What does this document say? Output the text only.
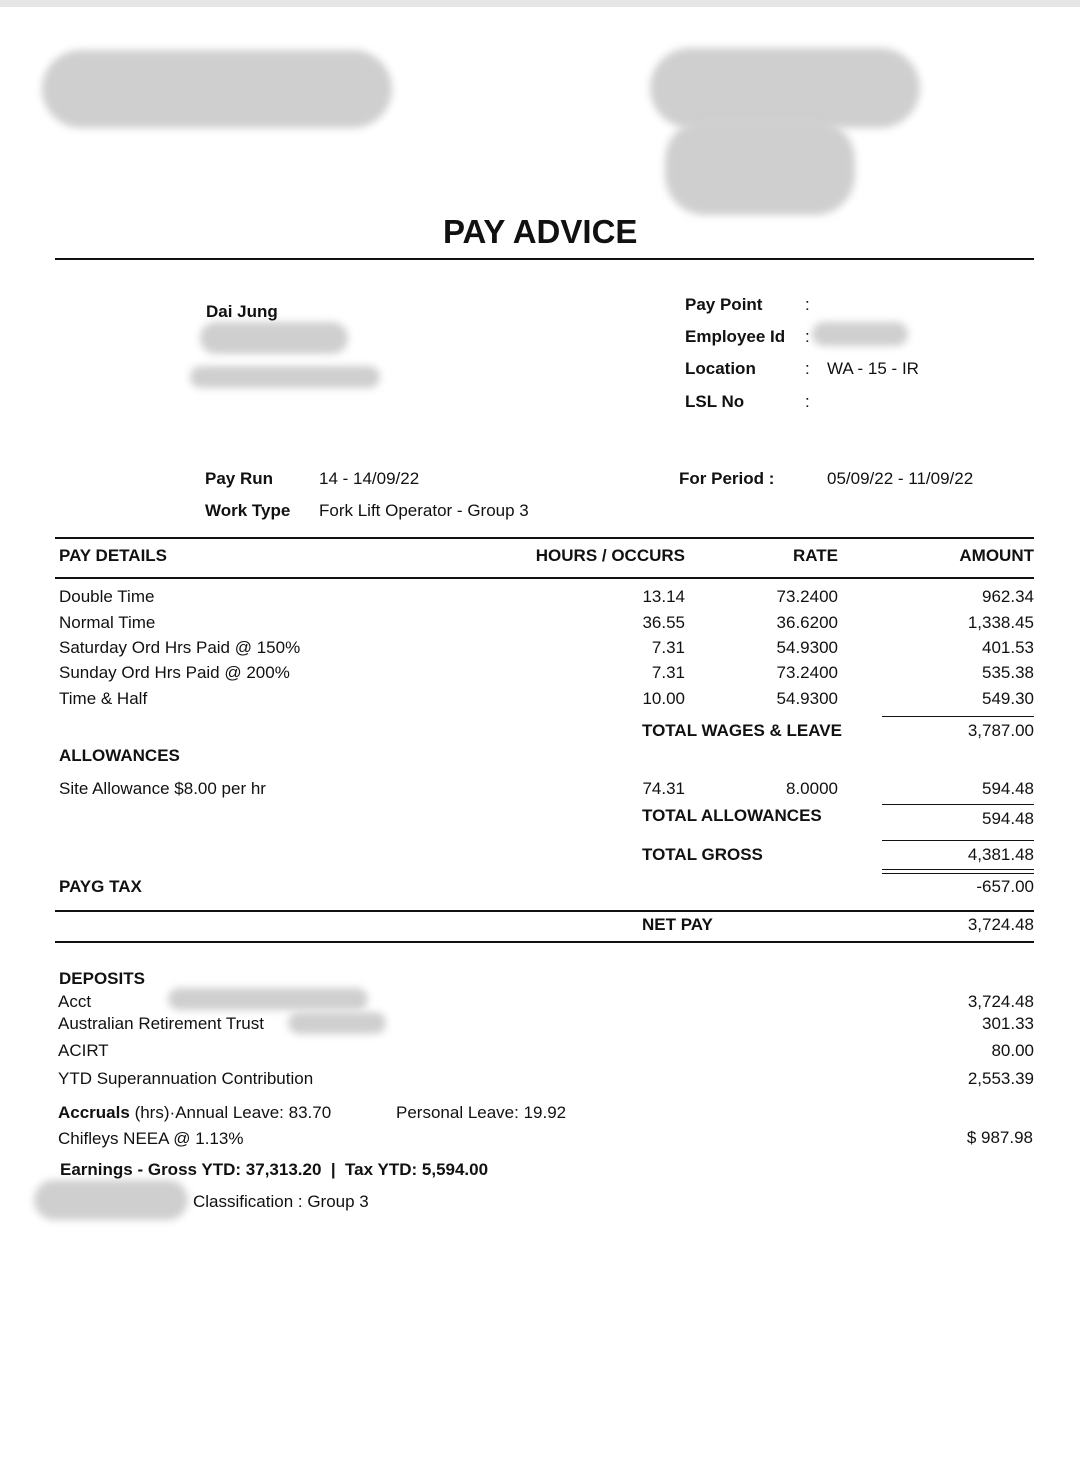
PAY ADVICE
Dai Jung	Pay Point	:
Employee Id :
Location	: WA - 15 - IR
LSL No	:
Pay Run	14 - 14/09/22
Work Type Fork Lift Operator - Group 3
For Period :	05/09/22 - 11/09/22
PAY DETAILS	HOURS / OCCURS	RATE	AMOUNT
Double Time	13.14	73.2400	962.34
Normal Time	36.55	36.6200	1,338.45
Saturday Ord Hrs Paid @ 150%	7.31	54.9300	401.53
Sunday Ord Hrs Paid @ 200%	7.31	73.2400	535.38
Time & Half	10.00	54.9300	549.30
TOTAL WAGES & LEAVE	3,787.00
ALLOWANCES
Site Allowance $8.00 per hr	74.31	8.0000	594.48
TOTAL ALLOWANCES	594.48
TOTAL GROSS	4,381.48
PAYG TAX	-657.00
NET PAY	3,724.48
DEPOSITS
Acct	3,724.48
Australian Retirement Trust	301.33
ACIRT	80.00
YTD Superannuation Contribution	2,553.39
Accruals (hrs)·Annual Leave: 83.70	Personal Leave: 19.92
Chifleys NEEA @ 1.13%	$ 987.98
Earnings - Gross YTD: 37,313.20  |  Tax YTD: 5,594.00
Classification : Group 3
